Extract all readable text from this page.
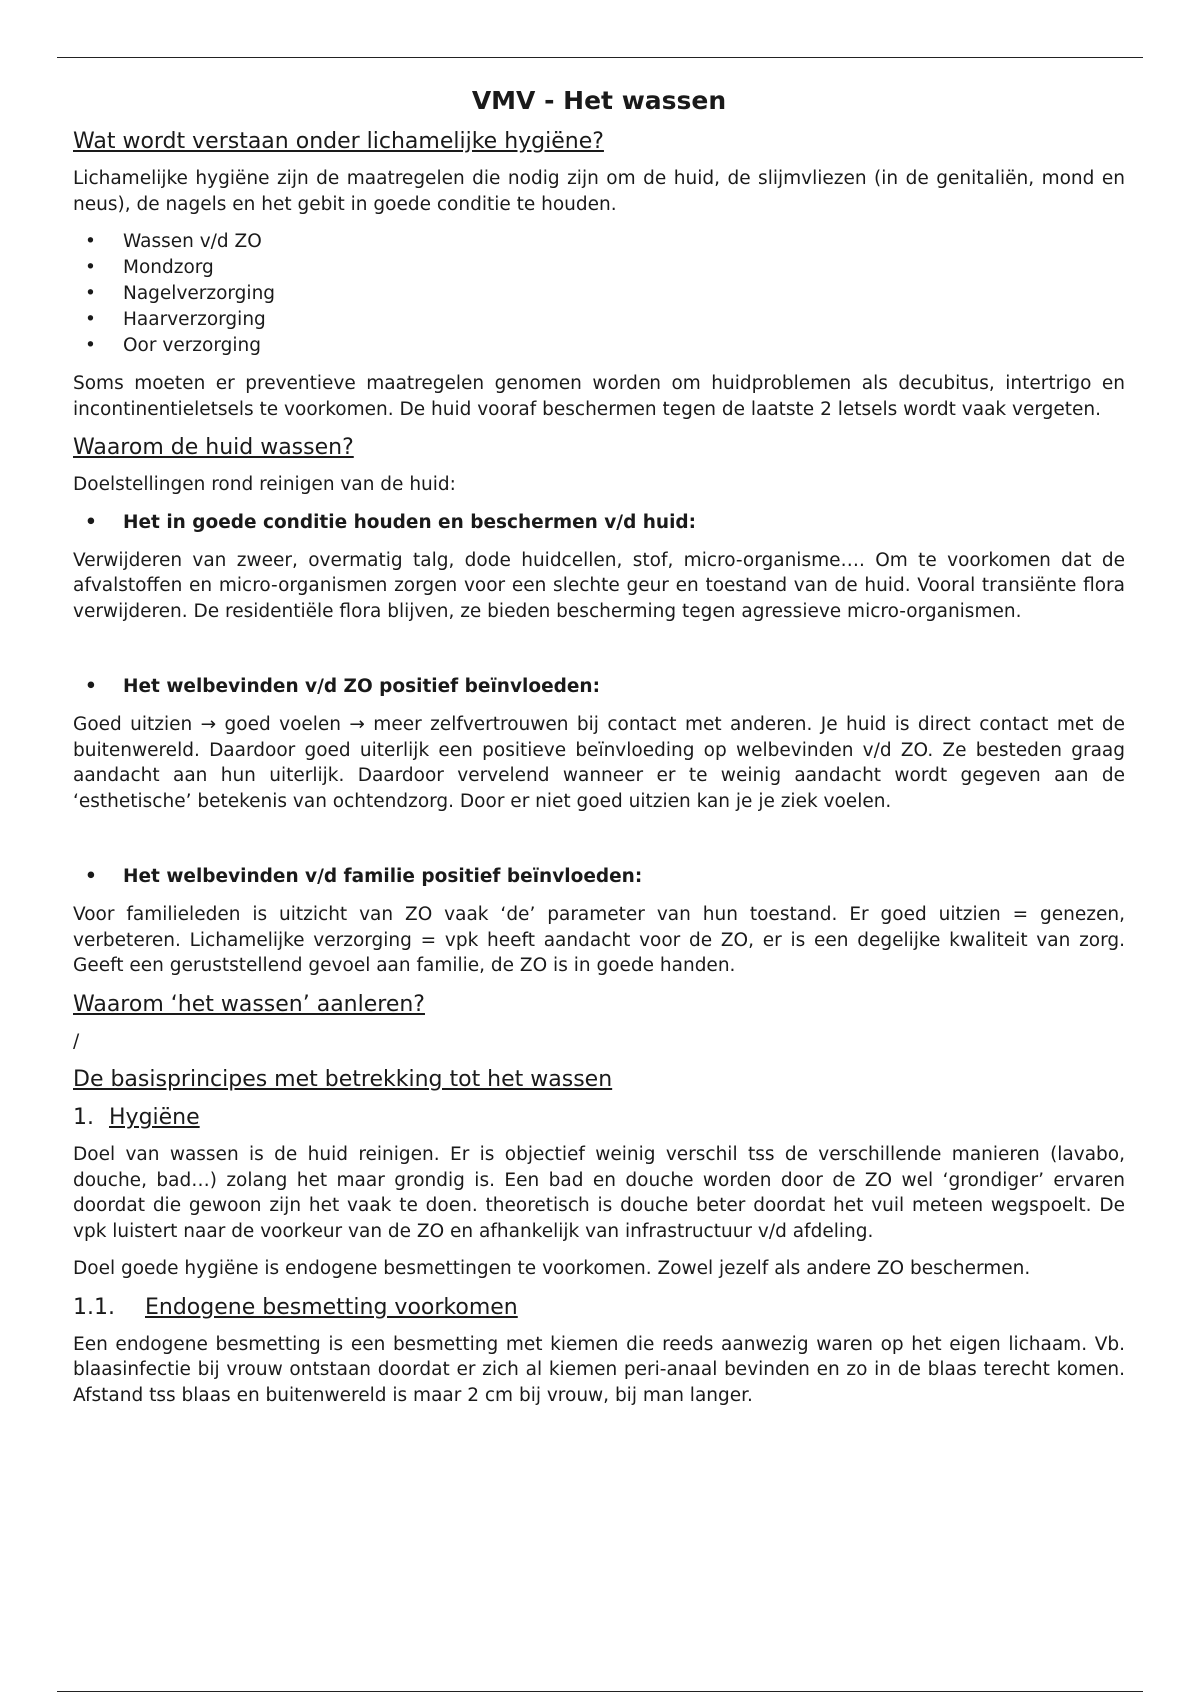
VMV - Het wassen
Wat wordt verstaan onder lichamelijke hygiëne?

Lichamelijke hygiëne zijn de maatregelen die nodig zijn om de huid, de slijmvliezen (in de genitaliën, mond en neus), de nagels en het gebit in goede conditie te houden.

• Wassen v/d ZO
• Mondzorg
• Nagelverzorging
• Haarverzorging
• Oor verzorging

Soms moeten er preventieve maatregelen genomen worden om huidproblemen als decubitus, intertrigo en incontinentieletsels te voorkomen. De huid vooraf beschermen tegen de laatste 2 letsels wordt vaak vergeten.

Waarom de huid wassen?

Doelstellingen rond reinigen van de huid:

• Het in goede conditie houden en beschermen v/d huid:

Verwijderen van zweer, overmatig talg, dode huidcellen, stof, micro-organisme…. Om te voorkomen dat de afvalstoffen en micro-organismen zorgen voor een slechte geur en toestand van de huid. Vooral transiënte flora verwijderen. De residentiële flora blijven, ze bieden bescherming tegen agressieve micro-organismen.

• Het welbevinden v/d ZO positief beïnvloeden:

Goed uitzien → goed voelen → meer zelfvertrouwen bij contact met anderen. Je huid is direct contact met de buitenwereld. Daardoor goed uiterlijk een positieve beïnvloeding op welbevinden v/d ZO. Ze besteden graag aandacht aan hun uiterlijk. Daardoor vervelend wanneer er te weinig aandacht wordt gegeven aan de ‘esthetische’ betekenis van ochtendzorg. Door er niet goed uitzien kan je je ziek voelen.

• Het welbevinden v/d familie positief beïnvloeden:

Voor familieleden is uitzicht van ZO vaak ‘de’ parameter van hun toestand. Er goed uitzien = genezen, verbeteren. Lichamelijke verzorging = vpk heeft aandacht voor de ZO, er is een degelijke kwaliteit van zorg. Geeft een geruststellend gevoel aan familie, de ZO is in goede handen.

Waarom ‘het wassen’ aanleren?

/

De basisprincipes met betrekking tot het wassen
1. Hygiëne

Doel van wassen is de huid reinigen. Er is objectief weinig verschil tss de verschillende manieren (lavabo, douche, bad…) zolang het maar grondig is. Een bad en douche worden door de ZO wel ‘grondiger’ ervaren doordat die gewoon zijn het vaak te doen. theoretisch is douche beter doordat het vuil meteen wegspoelt. De vpk luistert naar de voorkeur van de ZO en afhankelijk van infrastructuur v/d afdeling.

Doel goede hygiëne is endogene besmettingen te voorkomen. Zowel jezelf als andere ZO beschermen.

1.1. Endogene besmetting voorkomen

Een endogene besmetting is een besmetting met kiemen die reeds aanwezig waren op het eigen lichaam. Vb. blaasinfectie bij vrouw ontstaan doordat er zich al kiemen peri-anaal bevinden en zo in de blaas terecht komen. Afstand tss blaas en buitenwereld is maar 2 cm bij vrouw, bij man langer.
